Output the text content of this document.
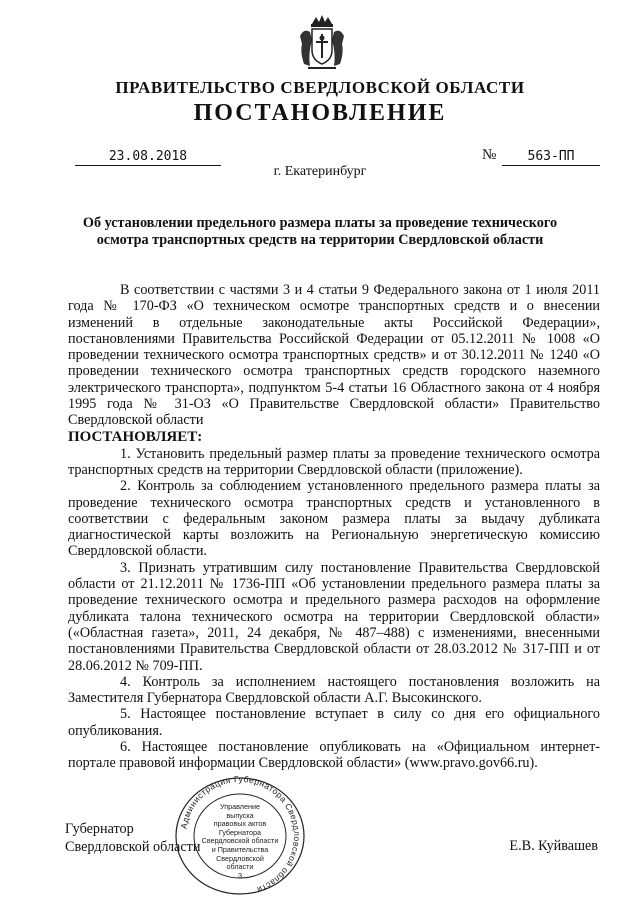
ПРАВИТЕЛЬСТВО СВЕРДЛОВСКОЙ ОБЛАСТИ
ПОСТАНОВЛЕНИЕ
23.08.2018	№	563-ПП
г. Екатеринбург
Об установлении предельного размера платы за проведение технического
осмотра транспортных средств на территории Свердловской области

В соответствии с частями 3 и 4 статьи 9 Федерального закона от 1 июля 2011 года № 170-ФЗ «О техническом осмотре транспортных средств и о внесении изменений в отдельные законодательные акты Российской Федерации», постановлениями Правительства Российской Федерации от 05.12.2011 № 1008 «О проведении технического осмотра транспортных средств» и от 30.12.2011 № 1240 «О проведении технического осмотра транспортных средств городского наземного электрического транспорта», подпунктом 5-4 статьи 16 Областного закона от 4 ноября 1995 года № 31-ОЗ «О Правительстве Свердловской области» Правительство Свердловской области

ПОСТАНОВЛЯЕТ:

1. Установить предельный размер платы за проведение технического осмотра транспортных средств на территории Свердловской области (приложение).

2. Контроль за соблюдением установленного предельного размера платы за проведение технического осмотра транспортных средств и установленного в соответствии с федеральным законом размера платы за выдачу дубликата диагностической карты возложить на Региональную энергетическую комиссию Свердловской области.

3. Признать утратившим силу постановление Правительства Свердловской области от 21.12.2011 № 1736-ПП «Об установлении предельного размера платы за проведение технического осмотра и предельного размера расходов на оформление дубликата талона технического осмотра на территории Свердловской области» («Областная газета», 2011, 24 декабря, № 487–488) с изменениями, внесенными постановлениями Правительства Свердловской области от 28.03.2012 № 317-ПП и от 28.06.2012 № 709-ПП.

4. Контроль за исполнением настоящего постановления возложить на Заместителя Губернатора Свердловской области А.Г. Высокинского.

5. Настоящее постановление вступает в силу со дня его официального опубликования.

6. Настоящее постановление опубликовать на «Официальном интернет-портале правовой информации Свердловской области» (www.pravo.gov66.ru).

Администрация Губернатора Свердловской области
Управление
выпуска
правовых актов
Губернатора
Свердловской области
и Правительства
Свердловской
области
3
Губернатор
Свердловской области	Е.В. Куйвашев
